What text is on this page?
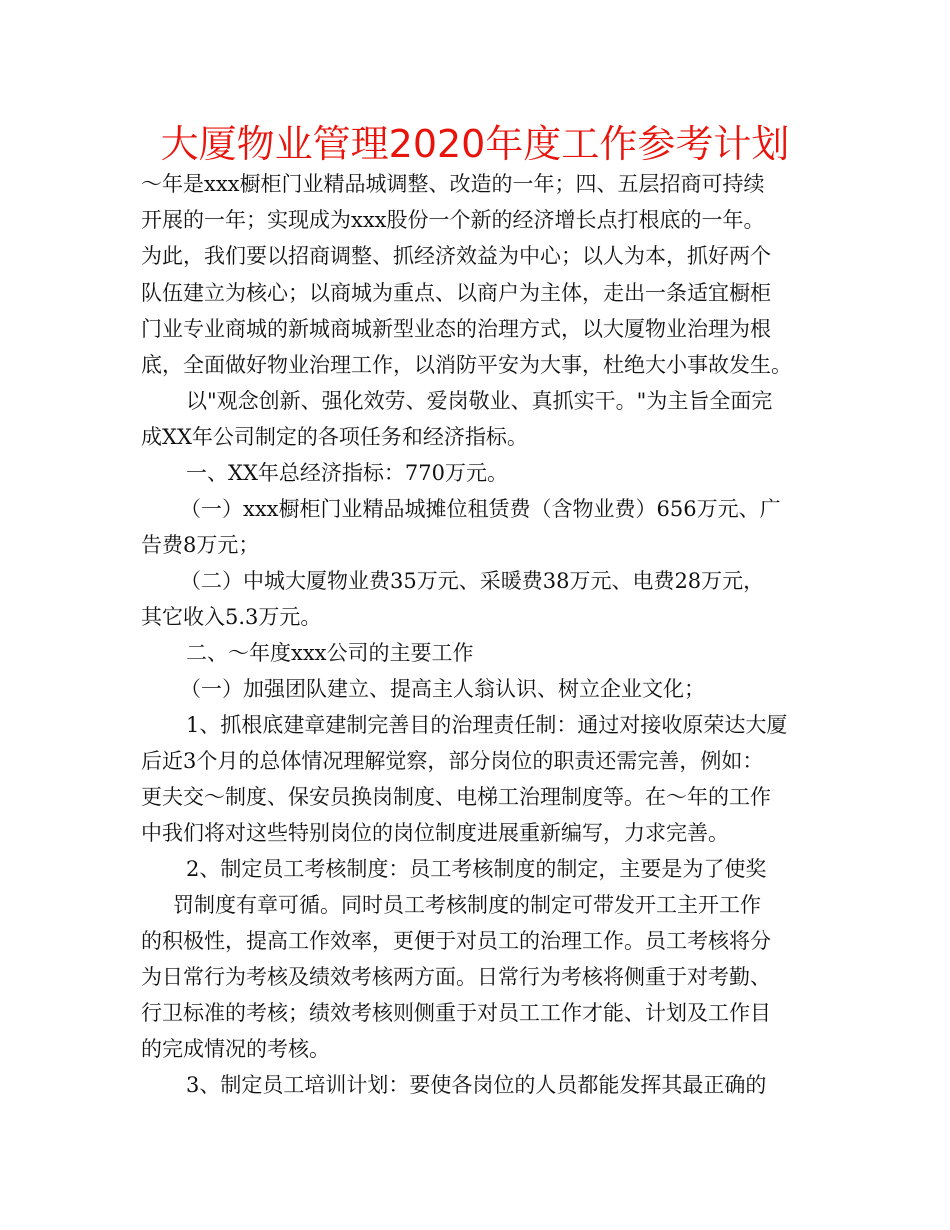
大厦物业管理2020年度工作参考计划

～年是xxx橱柜门业精品城调整、改造的一年；四、五层招商可持续

开展的一年；实现成为xxx股份一个新的经济增长点打根底的一年。

为此，我们要以招商调整、抓经济效益为中心；以人为本，抓好两个

队伍建立为核心；以商城为重点、以商户为主体，走出一条适宜橱柜

门业专业商城的新城商城新型业态的治理方式，以大厦物业治理为根

底，全面做好物业治理工作，以消防平安为大事，杜绝大小事故发生。

以"观念创新、强化效劳、爱岗敬业、真抓实干。"为主旨全面完

成XX年公司制定的各项任务和经济指标。

一、XX年总经济指标：770万元。

（一）xxx橱柜门业精品城摊位租赁费（含物业费）656万元、广

告费8万元；

（二）中城大厦物业费35万元、采暖费38万元、电费28万元，

其它收入5.3万元。

二、～年度xxx公司的主要工作

（一）加强团队建立、提高主人翁认识、树立企业文化；

1、抓根底建章建制完善目的治理责任制：通过对接收原荣达大厦

后近3个月的总体情况理解觉察，部分岗位的职责还需完善，例如：

更夫交～制度、保安员换岗制度、电梯工治理制度等。在～年的工作

中我们将对这些特别岗位的岗位制度进展重新编写，力求完善。

2、制定员工考核制度：员工考核制度的制定，主要是为了使奖

罚制度有章可循。同时员工考核制度的制定可带发开工主开工作

的积极性，提高工作效率，更便于对员工的治理工作。员工考核将分

为日常行为考核及绩效考核两方面。日常行为考核将侧重于对考勤、

行卫标准的考核；绩效考核则侧重于对员工工作才能、计划及工作目

的完成情况的考核。

3、制定员工培训计划：要使各岗位的人员都能发挥其最正确的
